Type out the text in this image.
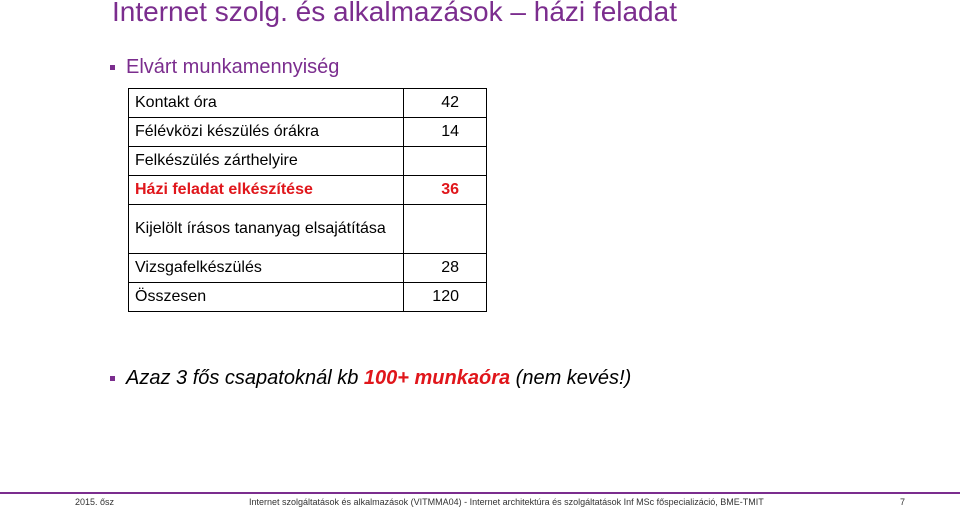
Internet szolg. és alkalmazások – házi feladat
Elvárt munkamennyiség
Kontakt óra	42
Félévközi készülés órákra	14
Felkészülés zárthelyire	
Házi feladat elkészítése	36
Kijelölt írásos tananyag elsajátítása	
Vizsgafelkészülés	28
Összesen	120
Azaz 3 fős csapatoknál kb 100+ munkaóra (nem kevés!)
2015. ősz	Internet szolgáltatások és alkalmazások (VITMMA04) - Internet architektúra és szolgáltatások Inf MSc főspecializáció, BME-TMIT	7
